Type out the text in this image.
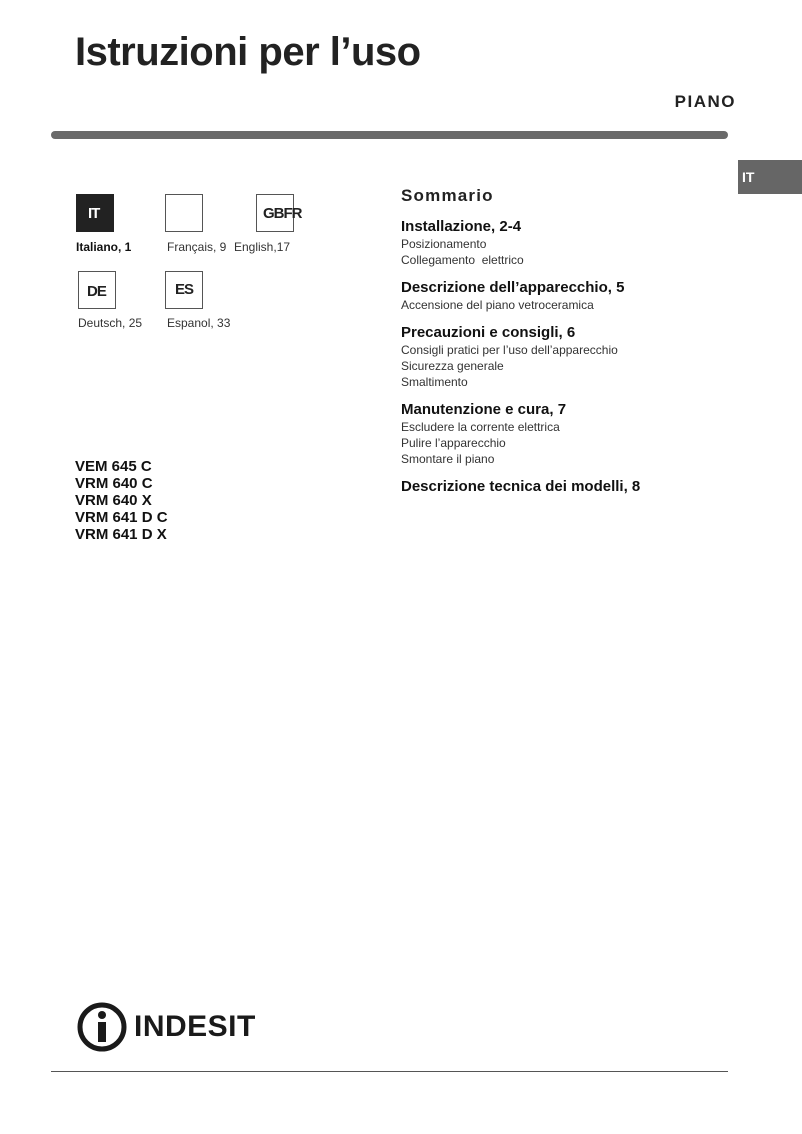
Istruzioni per l’uso
PIANO
IT
IT
Italiano, 1	Français, 9
GBFR
English,17
DE
Deutsch, 25
ES
Espanol, 33
VEM 645 C
VRM 640 C
VRM 640 X
VRM 641 D C
VRM 641 D X
Sommario
Installazione, 2-4
Posizionamento
Collegamento  elettrico
Descrizione dell’apparecchio, 5
Accensione del piano vetroceramica
Precauzioni e consigli, 6
Consigli pratici per l’uso dell’apparecchio
Sicurezza generale
Smaltimento
Manutenzione e cura, 7
Escludere la corrente elettrica
Pulire l’apparecchio
Smontare il piano
Descrizione tecnica dei modelli, 8
INDESIT
